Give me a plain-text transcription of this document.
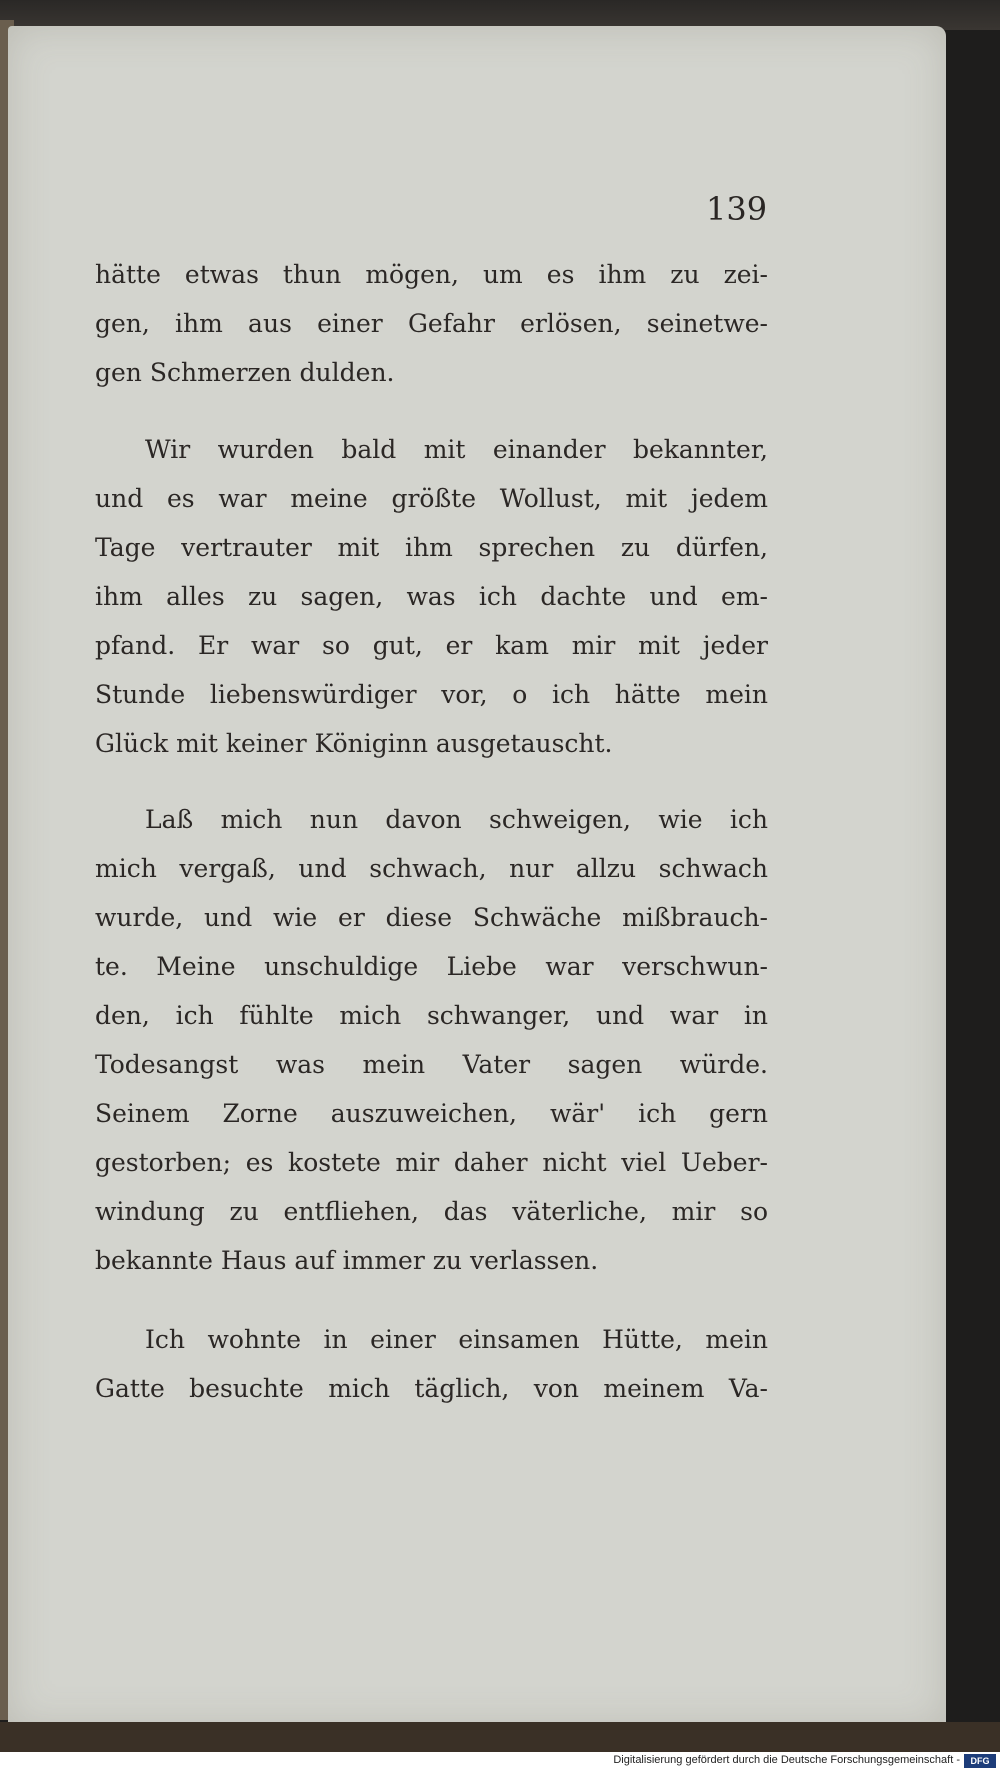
139
hätte etwas thun mögen, um es ihm zu zei-
gen, ihm aus einer Gefahr erlösen, seinetwe-
gen Schmerzen dulden.
Wir wurden bald mit einander bekannter,
und es war meine größte Wollust, mit jedem
Tage vertrauter mit ihm sprechen zu dürfen,
ihm alles zu sagen, was ich dachte und em-
pfand. Er war so gut, er kam mir mit jeder
Stunde liebenswürdiger vor, o ich hätte mein
Glück mit keiner Königinn ausgetauscht.
Laß mich nun davon schweigen, wie ich
mich vergaß, und schwach, nur allzu schwach
wurde, und wie er diese Schwäche mißbrauch-
te. Meine unschuldige Liebe war verschwun-
den, ich fühlte mich schwanger, und war in
Todesangst was mein Vater sagen würde.
Seinem Zorne auszuweichen, wär' ich gern
gestorben; es kostete mir daher nicht viel Ueber-
windung zu entfliehen, das väterliche, mir so
bekannte Haus auf immer zu verlassen.
Ich wohnte in einer einsamen Hütte, mein
Gatte besuchte mich täglich, von meinem Va-
Digitalisierung gefördert durch die Deutsche Forschungsgemeinschaft -	DFG
